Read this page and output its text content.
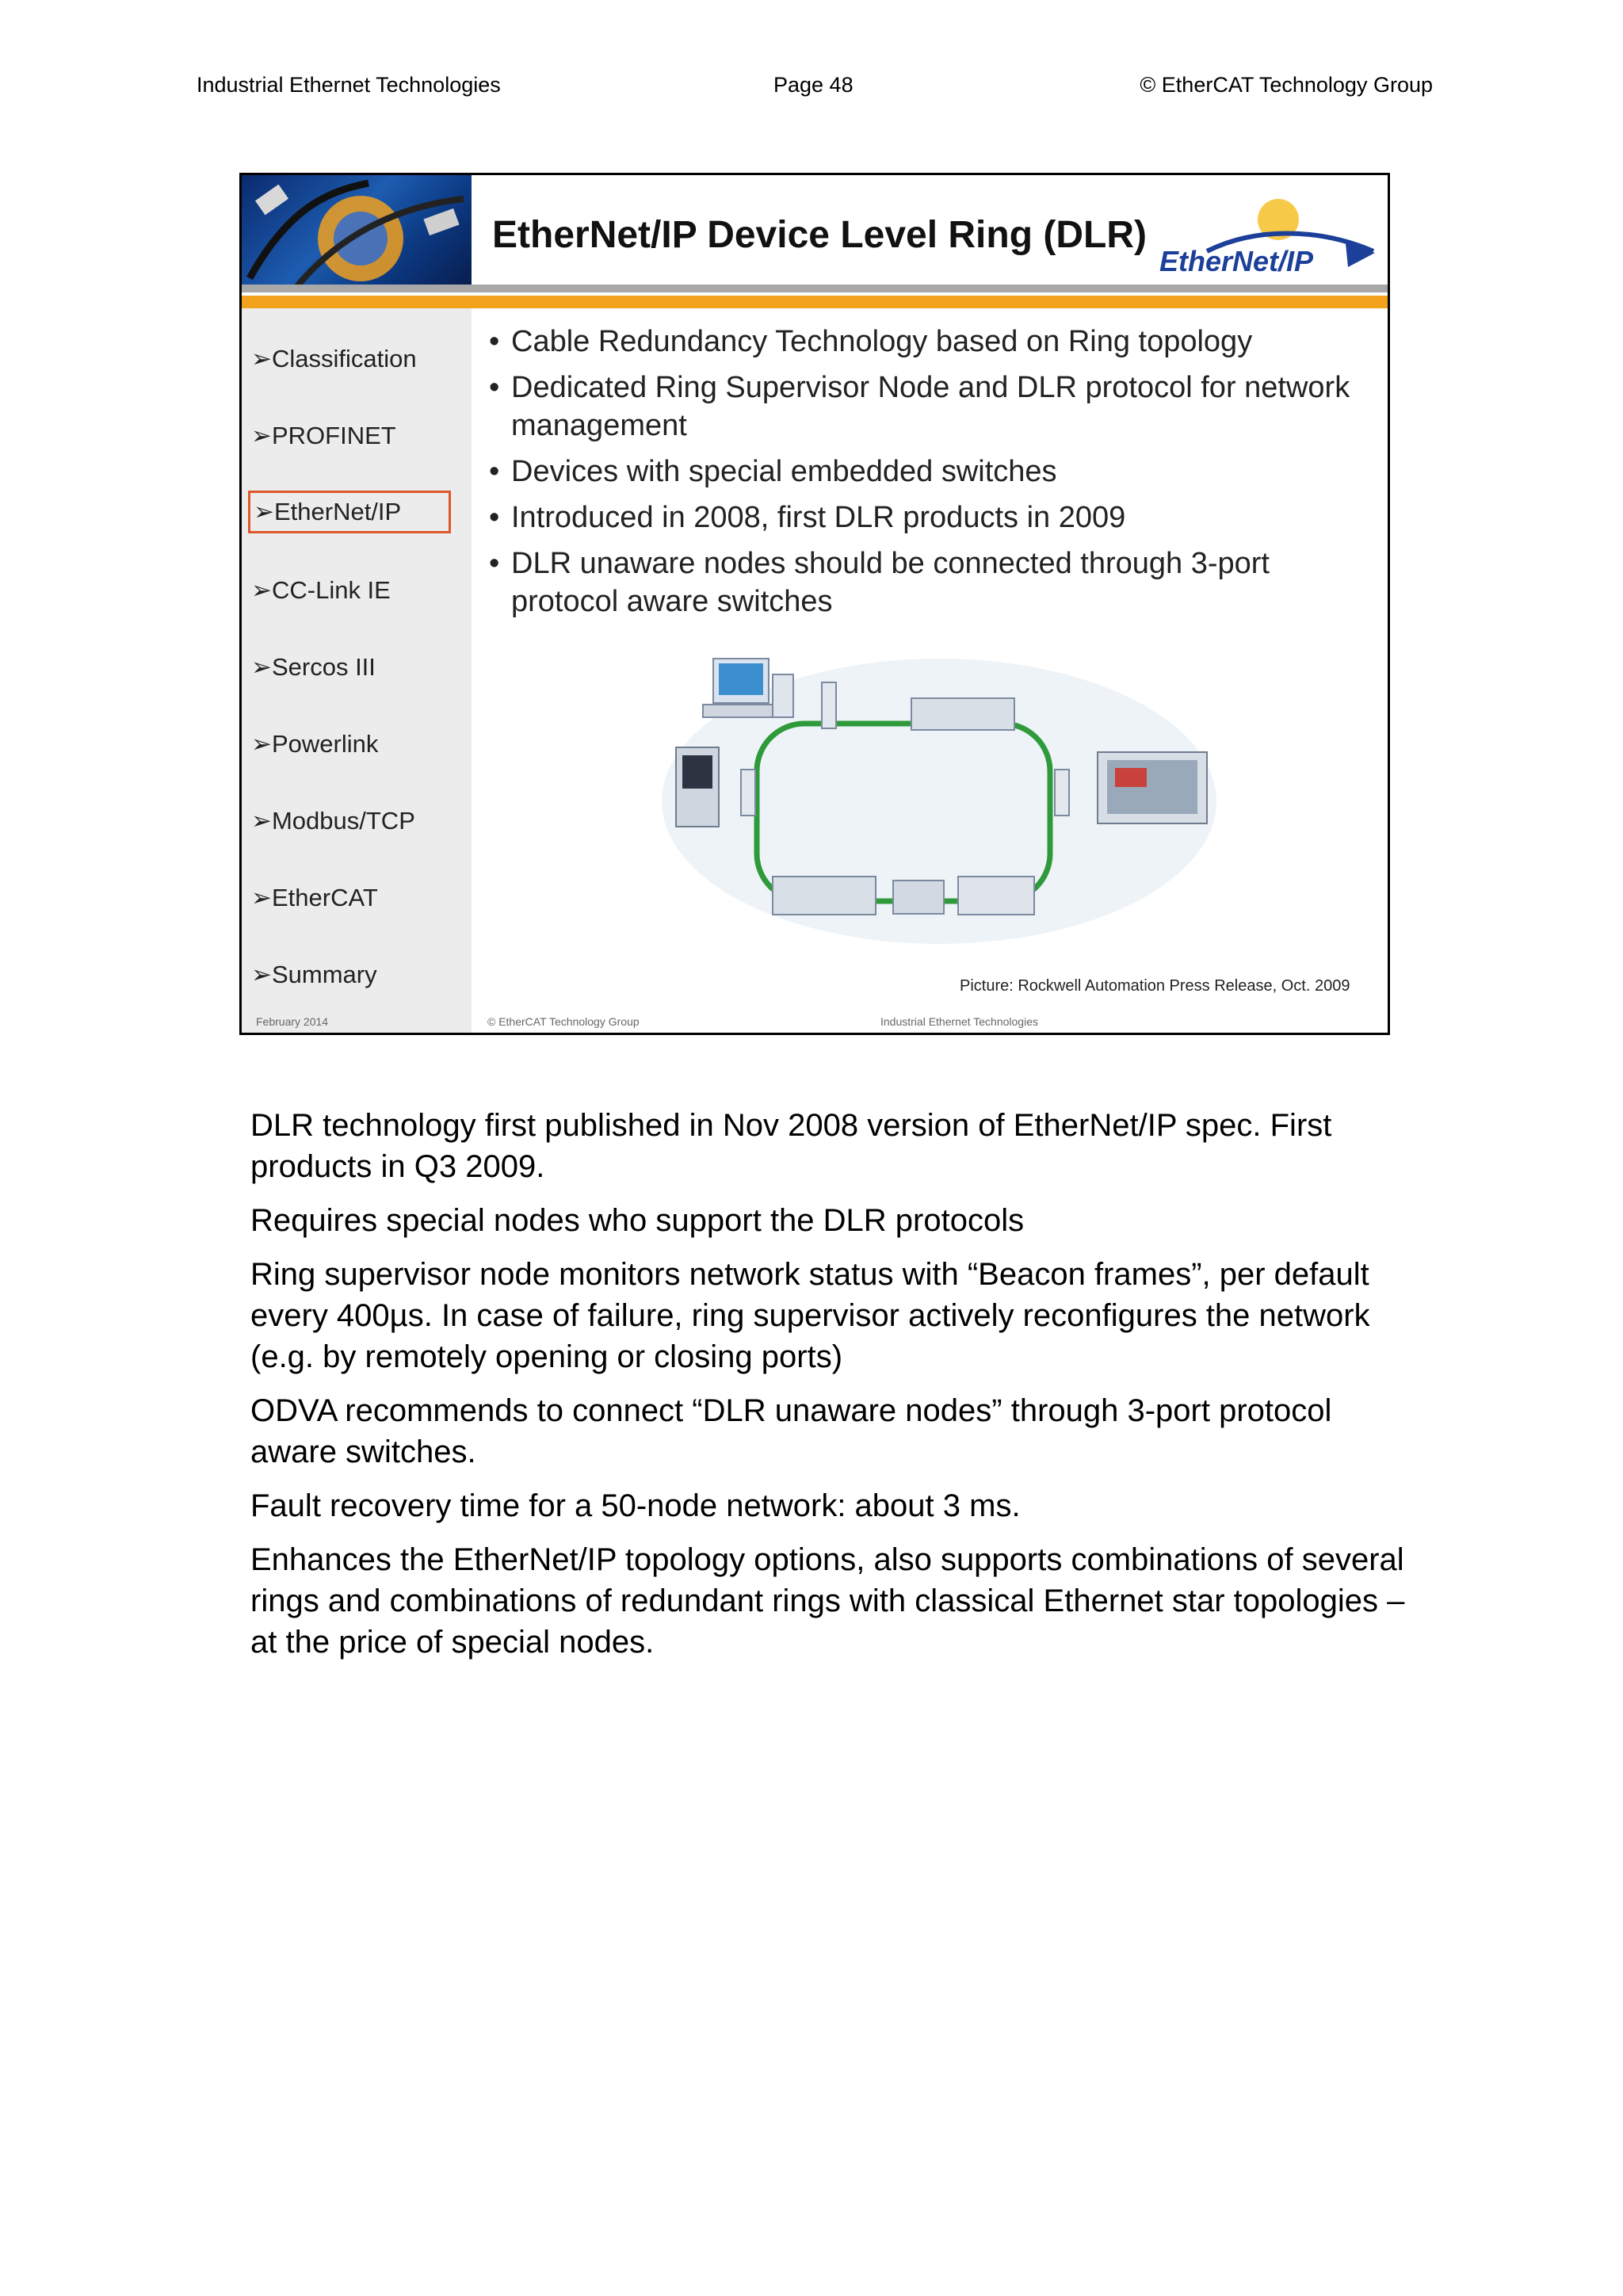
Industrial Ethernet Technologies	Page 48	© EtherCAT Technology Group
EtherNet/IP Device Level Ring (DLR)
EtherNet/IP
➢Classification
➢PROFINET
➢EtherNet/IP
➢CC-Link IE
➢Sercos III
➢Powerlink
➢Modbus/TCP
➢EtherCAT
➢Summary
February 2014
• Cable Redundancy Technology based on Ring topology
• Dedicated Ring Supervisor Node and DLR protocol for network management
• Devices with special embedded switches
• Introduced in 2008, first DLR products in 2009
• DLR unaware nodes should be connected through 3-port protocol aware switches
Picture: Rockwell Automation Press Release, Oct. 2009
© EtherCAT Technology Group	Industrial Ethernet Technologies

DLR technology first published in Nov 2008 version of EtherNet/IP spec. First products in Q3 2009.

Requires special nodes who support the DLR protocols

Ring supervisor node monitors network status with “Beacon frames”, per default every 400µs. In case of failure, ring supervisor actively reconfigures the network (e.g. by remotely opening or closing ports)

ODVA recommends to connect “DLR unaware nodes” through 3-port protocol aware switches.

Fault recovery time for a 50-node network: about 3 ms.

Enhances the EtherNet/IP topology options, also supports combinations of several rings and combinations of redundant rings with classical Ethernet star topologies – at the price of special nodes.
